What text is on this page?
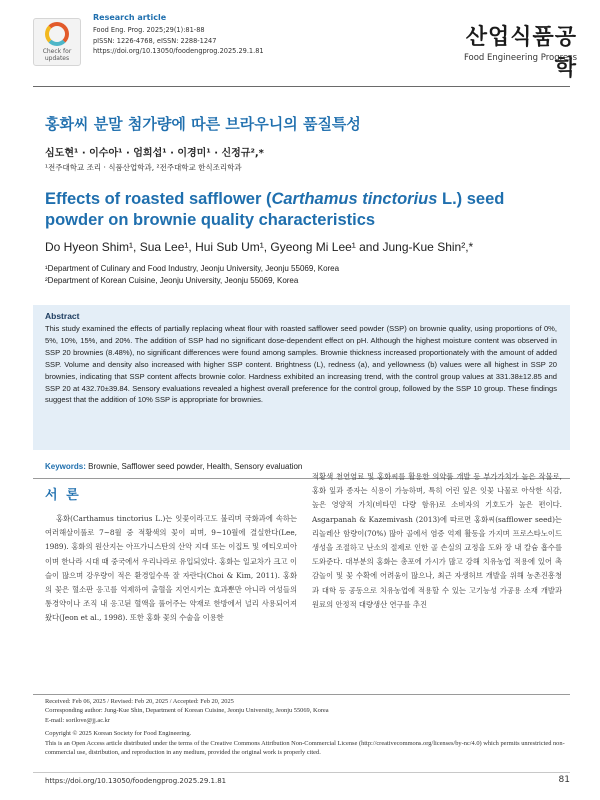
Check for updates
Research article
Food Eng. Prog. 2025;29(1):81-88
pISSN: 1226-4768, eISSN: 2288-1247
https://doi.org/10.13050/foodengprog.2025.29.1.81
산업식품공학
Food Engineering Progress
홍화씨 분말 첨가량에 따른 브라우니의 품질특성
심도현¹ · 이수아¹ · 엄희섭¹ · 이경미¹ · 신정규²,*
¹전주대학교 조리 · 식품산업학과, ²전주대학교 한식조리학과
Effects of roasted safflower (Carthamus tinctorius L.) seed powder on brownie quality characteristics
Do Hyeon Shim¹, Sua Lee¹, Hui Sub Um¹, Gyeong Mi Lee¹ and Jung-Kue Shin²,*
¹Department of Culinary and Food Industry, Jeonju University, Jeonju 55069, Korea
²Department of Korean Cuisine, Jeonju University, Jeonju 55069, Korea
Abstract
This study examined the effects of partially replacing wheat flour with roasted safflower seed powder (SSP) on brownie quality, using proportions of 0%, 5%, 10%, 15%, and 20%. The addition of SSP had no significant dose-dependent effect on pH. Although the highest moisture content was observed in SSP 20 brownies (8.48%), no significant differences were found among samples. Brownie thickness increased proportionately with the amount of added SSP. Volume and density also increased with higher SSP content. Brightness (L), redness (a), and yellowness (b) values were all highest in SSP 20 brownies, indicating that SSP content affects brownie color. Hardness exhibited an increasing trend, with the control group values at 331.38±12.85 and SSP 20 at 432.70±39.84. Sensory evaluations revealed a highest overall preference for the control group, followed by the SSP 10 group. These findings suggest that the addition of 10% SSP is appropriate for brownies.
Keywords: Brownie, Safflower seed powder, Health, Sensory evaluation
서 론
홍화(Carthamus tinctorius L.)는 잇꽃이라고도 불리며 국화과에 속하는 여러해살이풀로 7~8월 중 적황색의 꽃이 피며, 9~10월에 결실한다(Lee, 1989). 홍화의 원산지는 아프가니스탄의 산악 지대 또는 이집트 및 에티오피아이며 한나라 시대 때 중국에서 우리나라로 유입되었다. 홍화는 일교차가 크고 이슬이 많으며 강우량이 적은 환경일수록 잘 자란다(Choi & Kim, 2011). 홍화의 꽃은 혈소판 응고를 억제하여 출혈을 지연시키는 효과뿐만 아니라 여성들의 통경약이나 조직 내 응고된 혈액을 풀어주는 약재로 한방에서 널리 사용되어져 왔다(Jeon et al., 1998). 또한 홍화 꽃의 수술을 이용한
적황색 천연염료 및 홍화씨를 활용한 의약품 개발 등 부가가치가 높은 작물로, 홍화 잎과 종자는 식용이 가능하며, 특히 어린 잎은 잇꽃 나물로 아삭한 식감, 높은 영양적 가치(비타민 다량 함유)로 소비자의 기호도가 높은 편이다. Asgarpanah & Kazemivash (2013)에 따르면 홍화씨(safflower seed)는 리놀레산 함량이(70%) 많아 골에서 염증 억제 활동을 가지며 프로스타노이드 생성을 조절하고 난소의 절제로 인한 골 손실의 교정을 도와 장 내 칼슘 흡수를 도와준다. 대부분의 홍화는 총포에 가시가 많고 강해 치유농업 적용에 있어 촉감놀이 및 꽃 수확에 어려움이 많으나, 최근 자생허브 개발을 위해 농촌진흥청과 대학 등 공동으로 치유농업에 적용할 수 있는 고기능성 가공용 소재 개발과 원료의 안정적 대량생산 연구를 추진

Received: Feb 06, 2025 / Revised: Feb 20, 2025 / Accepted: Feb 20, 2025

Corresponding author: Jung-Kue Shin, Department of Korean Cuisine, Jeonju University, Jeonju 55069, Korea

E-mail: sorilove@jj.ac.kr

Copyright © 2025 Korean Society for Food Engineering.

This is an Open Access article distributed under the terms of the Creative Commons Attribution Non-Commercial License (http://creativecommons.org/licenses/by-nc/4.0) which permits unrestricted non-commercial use, distribution, and reproduction in any medium, provided the original work is properly cited.

https://doi.org/10.13050/foodengprog.2025.29.1.81	81
